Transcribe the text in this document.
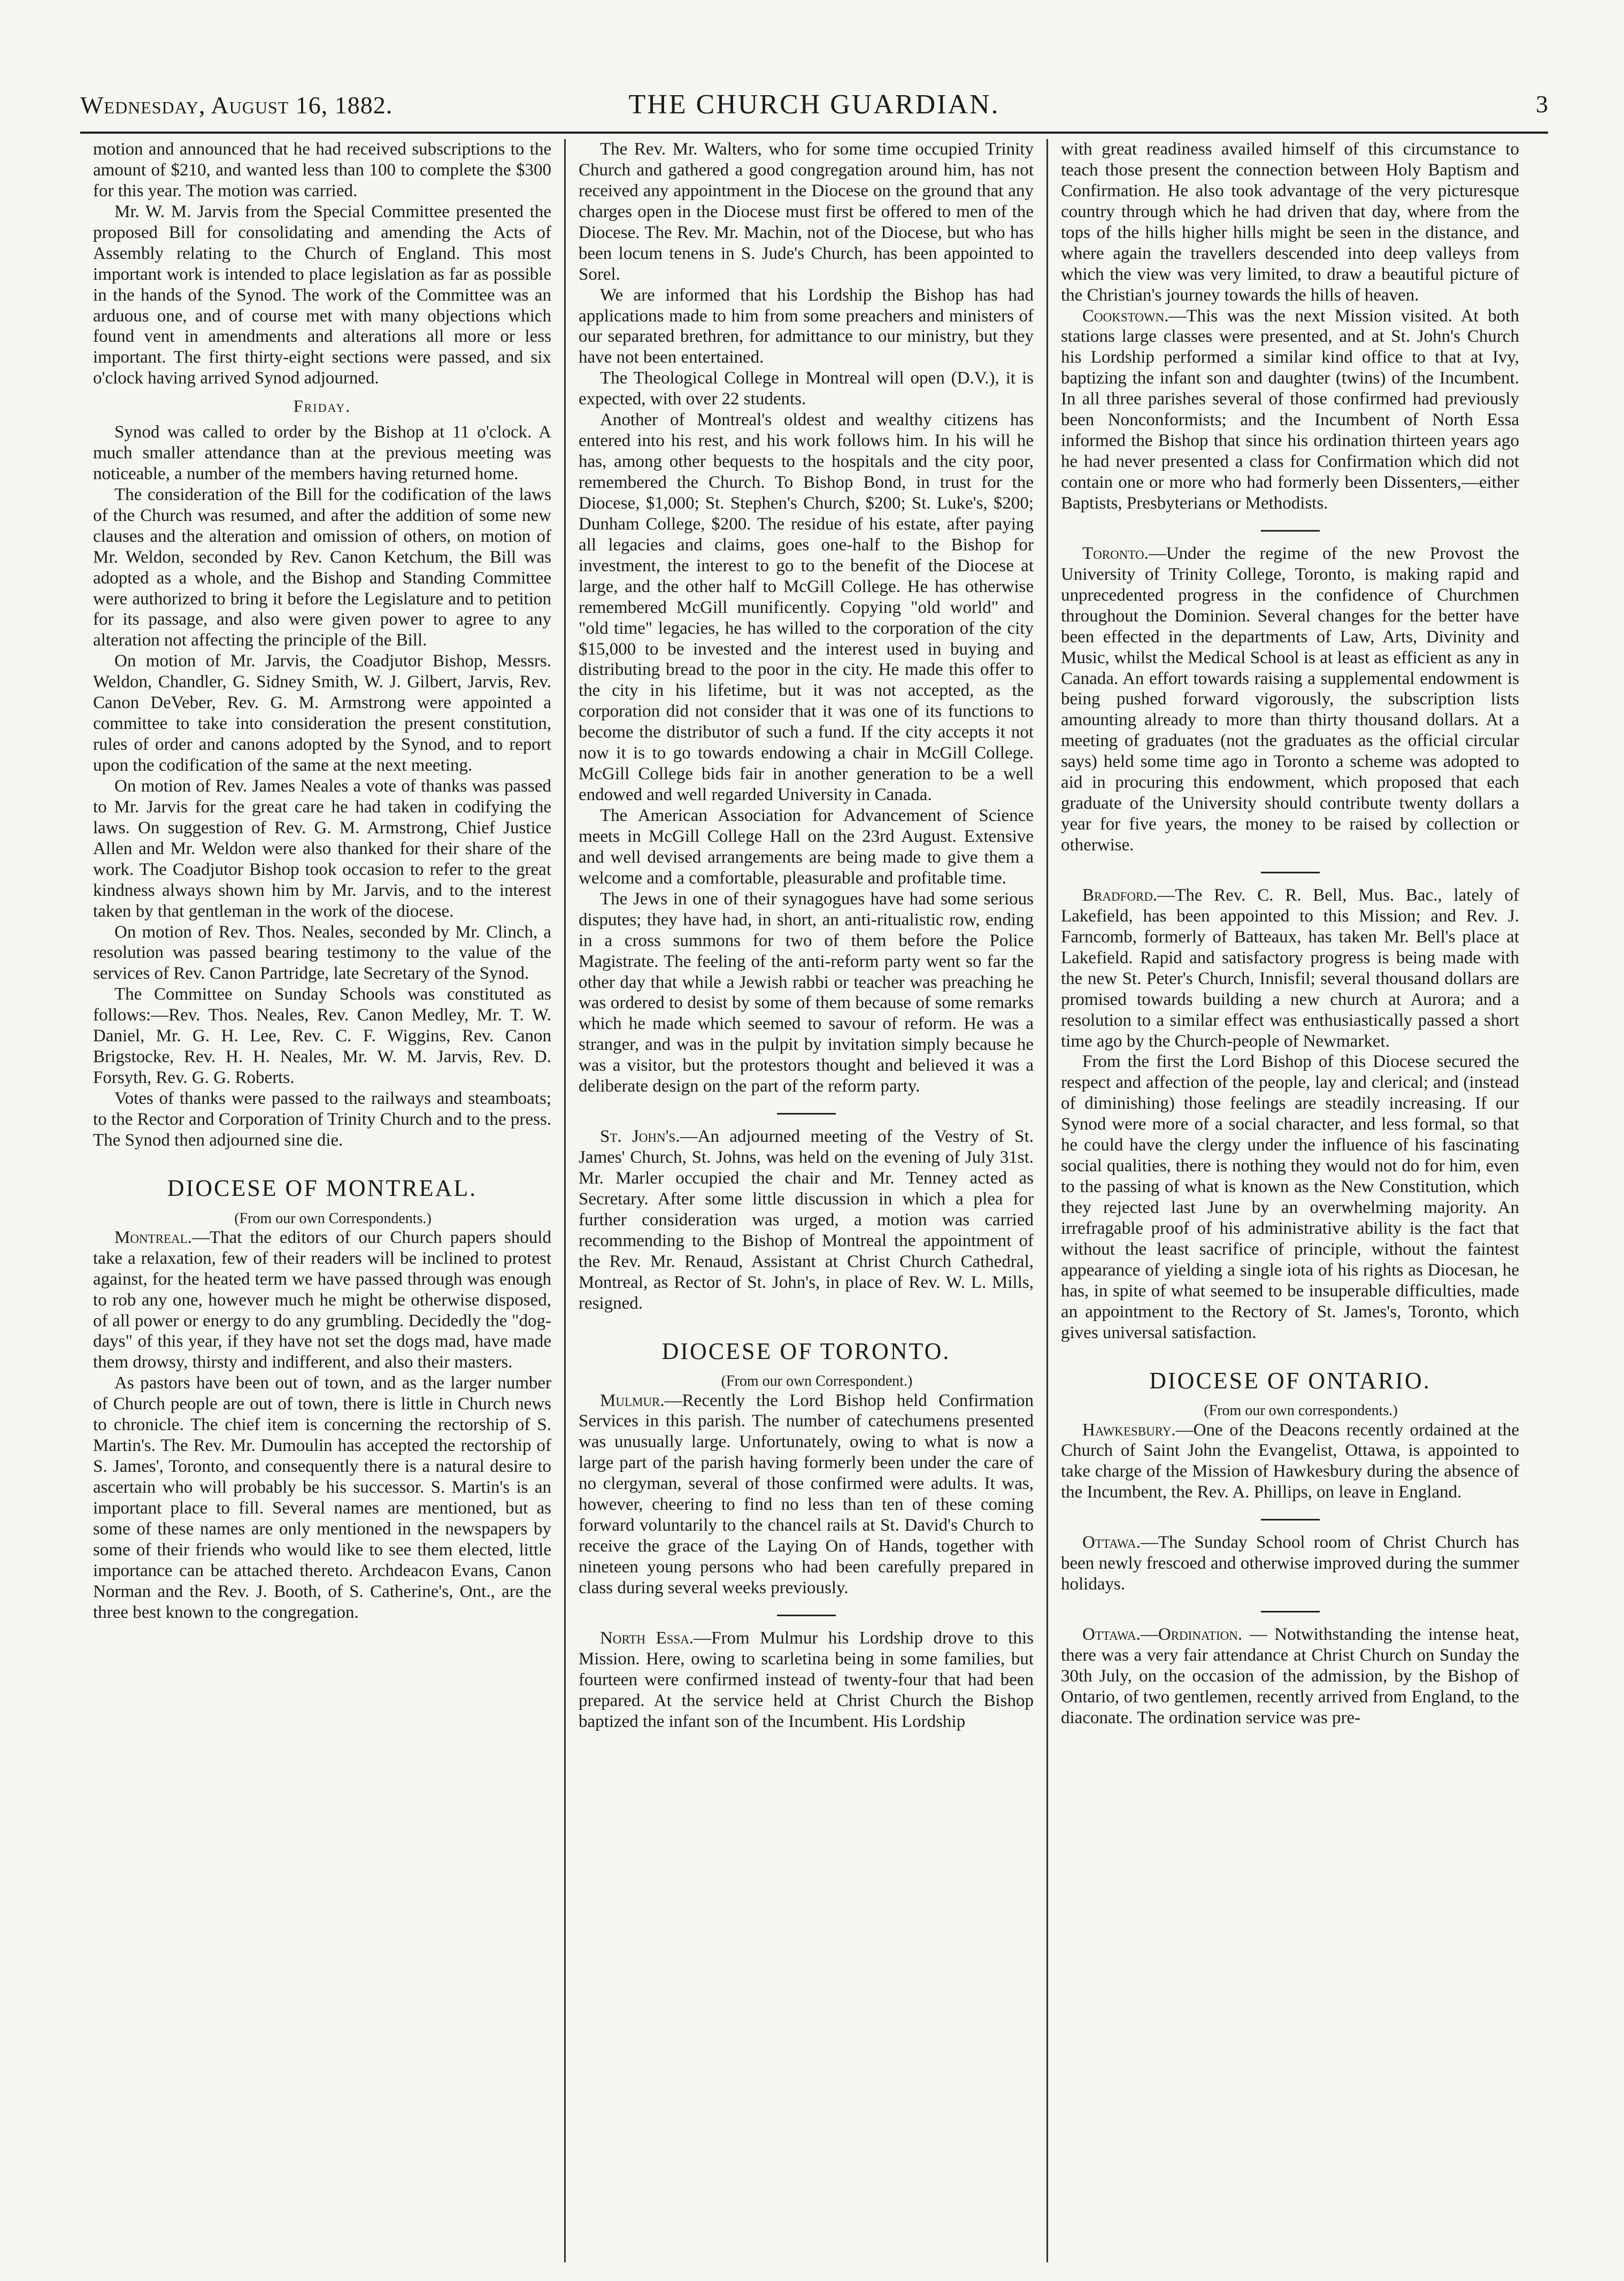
Wednesday, August 16, 1882.	THE CHURCH GUARDIAN.	3

motion and announced that he had received subscriptions to the amount of $210, and wanted less than 100 to complete the $300 for this year. The motion was carried.

Mr. W. M. Jarvis from the Special Committee presented the proposed Bill for consolidating and amending the Acts of Assembly relating to the Church of England. This most important work is intended to place legislation as far as possible in the hands of the Synod. The work of the Committee was an arduous one, and of course met with many objections which found vent in amendments and alterations all more or less important. The first thirty-eight sections were passed, and six o'clock having arrived Synod adjourned.

Friday.

Synod was called to order by the Bishop at 11 o'clock. A much smaller attendance than at the previous meeting was noticeable, a number of the members having returned home.

The consideration of the Bill for the codification of the laws of the Church was resumed, and after the addition of some new clauses and the alteration and omission of others, on motion of Mr. Weldon, seconded by Rev. Canon Ketchum, the Bill was adopted as a whole, and the Bishop and Standing Committee were authorized to bring it before the Legislature and to petition for its passage, and also were given power to agree to any alteration not affecting the principle of the Bill.

On motion of Mr. Jarvis, the Coadjutor Bishop, Messrs. Weldon, Chandler, G. Sidney Smith, W. J. Gilbert, Jarvis, Rev. Canon DeVeber, Rev. G. M. Armstrong were appointed a committee to take into consideration the present constitution, rules of order and canons adopted by the Synod, and to report upon the codification of the same at the next meeting.

On motion of Rev. James Neales a vote of thanks was passed to Mr. Jarvis for the great care he had taken in codifying the laws. On suggestion of Rev. G. M. Armstrong, Chief Justice Allen and Mr. Weldon were also thanked for their share of the work. The Coadjutor Bishop took occasion to refer to the great kindness always shown him by Mr. Jarvis, and to the interest taken by that gentleman in the work of the diocese.

On motion of Rev. Thos. Neales, seconded by Mr. Clinch, a resolution was passed bearing testimony to the value of the services of Rev. Canon Partridge, late Secretary of the Synod.

The Committee on Sunday Schools was constituted as follows:—Rev. Thos. Neales, Rev. Canon Medley, Mr. T. W. Daniel, Mr. G. H. Lee, Rev. C. F. Wiggins, Rev. Canon Brigstocke, Rev. H. H. Neales, Mr. W. M. Jarvis, Rev. D. Forsyth, Rev. G. G. Roberts.

Votes of thanks were passed to the railways and steamboats; to the Rector and Corporation of Trinity Church and to the press. The Synod then adjourned sine die.

DIOCESE OF MONTREAL.

(From our own Correspondents.)

Montreal.—That the editors of our Church papers should take a relaxation, few of their readers will be inclined to protest against, for the heated term we have passed through was enough to rob any one, however much he might be otherwise disposed, of all power or energy to do any grumbling. Decidedly the "dog-days" of this year, if they have not set the dogs mad, have made them drowsy, thirsty and indifferent, and also their masters.

As pastors have been out of town, and as the larger number of Church people are out of town, there is little in Church news to chronicle. The chief item is concerning the rectorship of S. Martin's. The Rev. Mr. Dumoulin has accepted the rectorship of S. James', Toronto, and consequently there is a natural desire to ascertain who will probably be his successor. S. Martin's is an important place to fill. Several names are mentioned, but as some of these names are only mentioned in the newspapers by some of their friends who would like to see them elected, little importance can be attached thereto. Archdeacon Evans, Canon Norman and the Rev. J. Booth, of S. Catherine's, Ont., are the three best known to the congregation.

The Rev. Mr. Walters, who for some time occupied Trinity Church and gathered a good congregation around him, has not received any appointment in the Diocese on the ground that any charges open in the Diocese must first be offered to men of the Diocese. The Rev. Mr. Machin, not of the Diocese, but who has been locum tenens in S. Jude's Church, has been appointed to Sorel.

We are informed that his Lordship the Bishop has had applications made to him from some preachers and ministers of our separated brethren, for admittance to our ministry, but they have not been entertained.

The Theological College in Montreal will open (D.V.), it is expected, with over 22 students.

Another of Montreal's oldest and wealthy citizens has entered into his rest, and his work follows him. In his will he has, among other bequests to the hospitals and the city poor, remembered the Church. To Bishop Bond, in trust for the Diocese, $1,000; St. Stephen's Church, $200; St. Luke's, $200; Dunham College, $200. The residue of his estate, after paying all legacies and claims, goes one-half to the Bishop for investment, the interest to go to the benefit of the Diocese at large, and the other half to McGill College. He has otherwise remembered McGill munificently. Copying "old world" and "old time" legacies, he has willed to the corporation of the city $15,000 to be invested and the interest used in buying and distributing bread to the poor in the city. He made this offer to the city in his lifetime, but it was not accepted, as the corporation did not consider that it was one of its functions to become the distributor of such a fund. If the city accepts it not now it is to go towards endowing a chair in McGill College. McGill College bids fair in another generation to be a well endowed and well regarded University in Canada.

The American Association for Advancement of Science meets in McGill College Hall on the 23rd August. Extensive and well devised arrangements are being made to give them a welcome and a comfortable, pleasurable and profitable time.

The Jews in one of their synagogues have had some serious disputes; they have had, in short, an anti-ritualistic row, ending in a cross summons for two of them before the Police Magistrate. The feeling of the anti-reform party went so far the other day that while a Jewish rabbi or teacher was preaching he was ordered to desist by some of them because of some remarks which he made which seemed to savour of reform. He was a stranger, and was in the pulpit by invitation simply because he was a visitor, but the protestors thought and believed it was a deliberate design on the part of the reform party.

St. John's.—An adjourned meeting of the Vestry of St. James' Church, St. Johns, was held on the evening of July 31st. Mr. Marler occupied the chair and Mr. Tenney acted as Secretary. After some little discussion in which a plea for further consideration was urged, a motion was carried recommending to the Bishop of Montreal the appointment of the Rev. Mr. Renaud, Assistant at Christ Church Cathedral, Montreal, as Rector of St. John's, in place of Rev. W. L. Mills, resigned.

DIOCESE OF TORONTO.

(From our own Correspondent.)

Mulmur.—Recently the Lord Bishop held Confirmation Services in this parish. The number of catechumens presented was unusually large. Unfortunately, owing to what is now a large part of the parish having formerly been under the care of no clergyman, several of those confirmed were adults. It was, however, cheering to find no less than ten of these coming forward voluntarily to the chancel rails at St. David's Church to receive the grace of the Laying On of Hands, together with nineteen young persons who had been carefully prepared in class during several weeks previously.

North Essa.—From Mulmur his Lordship drove to this Mission. Here, owing to scarletina being in some families, but fourteen were confirmed instead of twenty-four that had been prepared. At the service held at Christ Church the Bishop baptized the infant son of the Incumbent. His Lordship

with great readiness availed himself of this circumstance to teach those present the connection between Holy Baptism and Confirmation. He also took advantage of the very picturesque country through which he had driven that day, where from the tops of the hills higher hills might be seen in the distance, and where again the travellers descended into deep valleys from which the view was very limited, to draw a beautiful picture of the Christian's journey towards the hills of heaven.

Cookstown.—This was the next Mission visited. At both stations large classes were presented, and at St. John's Church his Lordship performed a similar kind office to that at Ivy, baptizing the infant son and daughter (twins) of the Incumbent. In all three parishes several of those confirmed had previously been Nonconformists; and the Incumbent of North Essa informed the Bishop that since his ordination thirteen years ago he had never presented a class for Confirmation which did not contain one or more who had formerly been Dissenters,—either Baptists, Presbyterians or Methodists.

Toronto.—Under the regime of the new Provost the University of Trinity College, Toronto, is making rapid and unprecedented progress in the confidence of Churchmen throughout the Dominion. Several changes for the better have been effected in the departments of Law, Arts, Divinity and Music, whilst the Medical School is at least as efficient as any in Canada. An effort towards raising a supplemental endowment is being pushed forward vigorously, the subscription lists amounting already to more than thirty thousand dollars. At a meeting of graduates (not the graduates as the official circular says) held some time ago in Toronto a scheme was adopted to aid in procuring this endowment, which proposed that each graduate of the University should contribute twenty dollars a year for five years, the money to be raised by collection or otherwise.

Bradford.—The Rev. C. R. Bell, Mus. Bac., lately of Lakefield, has been appointed to this Mission; and Rev. J. Farncomb, formerly of Batteaux, has taken Mr. Bell's place at Lakefield. Rapid and satisfactory progress is being made with the new St. Peter's Church, Innisfil; several thousand dollars are promised towards building a new church at Aurora; and a resolution to a similar effect was enthusiastically passed a short time ago by the Church-people of Newmarket.

From the first the Lord Bishop of this Diocese secured the respect and affection of the people, lay and clerical; and (instead of diminishing) those feelings are steadily increasing. If our Synod were more of a social character, and less formal, so that he could have the clergy under the influence of his fascinating social qualities, there is nothing they would not do for him, even to the passing of what is known as the New Constitution, which they rejected last June by an overwhelming majority. An irrefragable proof of his administrative ability is the fact that without the least sacrifice of principle, without the faintest appearance of yielding a single iota of his rights as Diocesan, he has, in spite of what seemed to be insuperable difficulties, made an appointment to the Rectory of St. James's, Toronto, which gives universal satisfaction.

DIOCESE OF ONTARIO.

(From our own correspondents.)

Hawkesbury.—One of the Deacons recently ordained at the Church of Saint John the Evangelist, Ottawa, is appointed to take charge of the Mission of Hawkesbury during the absence of the Incumbent, the Rev. A. Phillips, on leave in England.

Ottawa.—The Sunday School room of Christ Church has been newly frescoed and otherwise improved during the summer holidays.

Ottawa.—Ordination. — Notwithstanding the intense heat, there was a very fair attendance at Christ Church on Sunday the 30th July, on the occasion of the admission, by the Bishop of Ontario, of two gentlemen, recently arrived from England, to the diaconate. The ordination service was pre-
